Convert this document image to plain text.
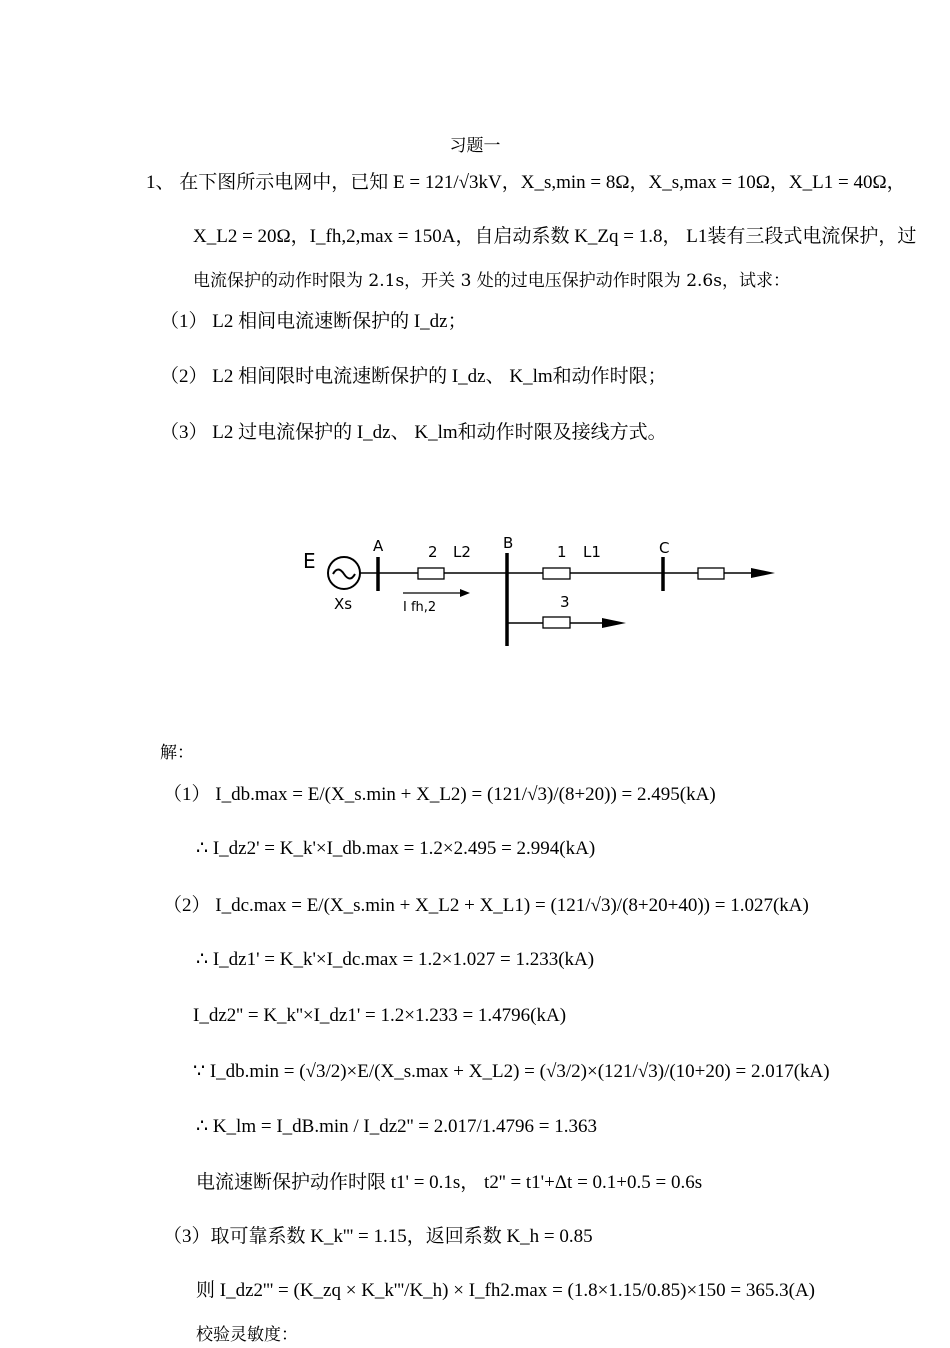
习题一
1、 在下图所示电网中，已知 E = 121/√3kV，X_s,min = 8Ω，X_s,max = 10Ω，X_L1 = 40Ω，
X_L2 = 20Ω，I_fh,2,max = 150A，自启动系数 K_Zq = 1.8， L1装有三段式电流保护，过
电流保护的动作时限为 2.1s，开关 3 处的过电压保护动作时限为 2.6s，试求：
（1） L2 相间电流速断保护的 I_dz；
（2） L2 相间限时电流速断保护的 I_dz、 K_lm和动作时限；
（3） L2 过电流保护的 I_dz、 K_lm和动作时限及接线方式。
E
Xs
A	2 L2
I fh,2
B	1 L1	C
3
解：
（1） I_db.max = E/(X_s.min + X_L2) = (121/√3)/(8+20)) = 2.495(kA)
∴ I_dz2' = K_k'×I_db.max = 1.2×2.495 = 2.994(kA)
（2） I_dc.max = E/(X_s.min + X_L2 + X_L1) = (121/√3)/(8+20+40)) = 1.027(kA)
∴ I_dz1' = K_k'×I_dc.max = 1.2×1.027 = 1.233(kA)
I_dz2'' = K_k''×I_dz1' = 1.2×1.233 = 1.4796(kA)
∵ I_db.min = (√3/2)×E/(X_s.max + X_L2) = (√3/2)×(121/√3)/(10+20) = 2.017(kA)
∴ K_lm = I_dB.min / I_dz2'' = 2.017/1.4796 = 1.363
电流速断保护动作时限 t1' = 0.1s， t2'' = t1'+Δt = 0.1+0.5 = 0.6s
（3）取可靠系数 K_k''' = 1.15，返回系数 K_h = 0.85
则 I_dz2''' = (K_zq × K_k'''/K_h) × I_fh2.max = (1.8×1.15/0.85)×150 = 365.3(A)
校验灵敏度：
